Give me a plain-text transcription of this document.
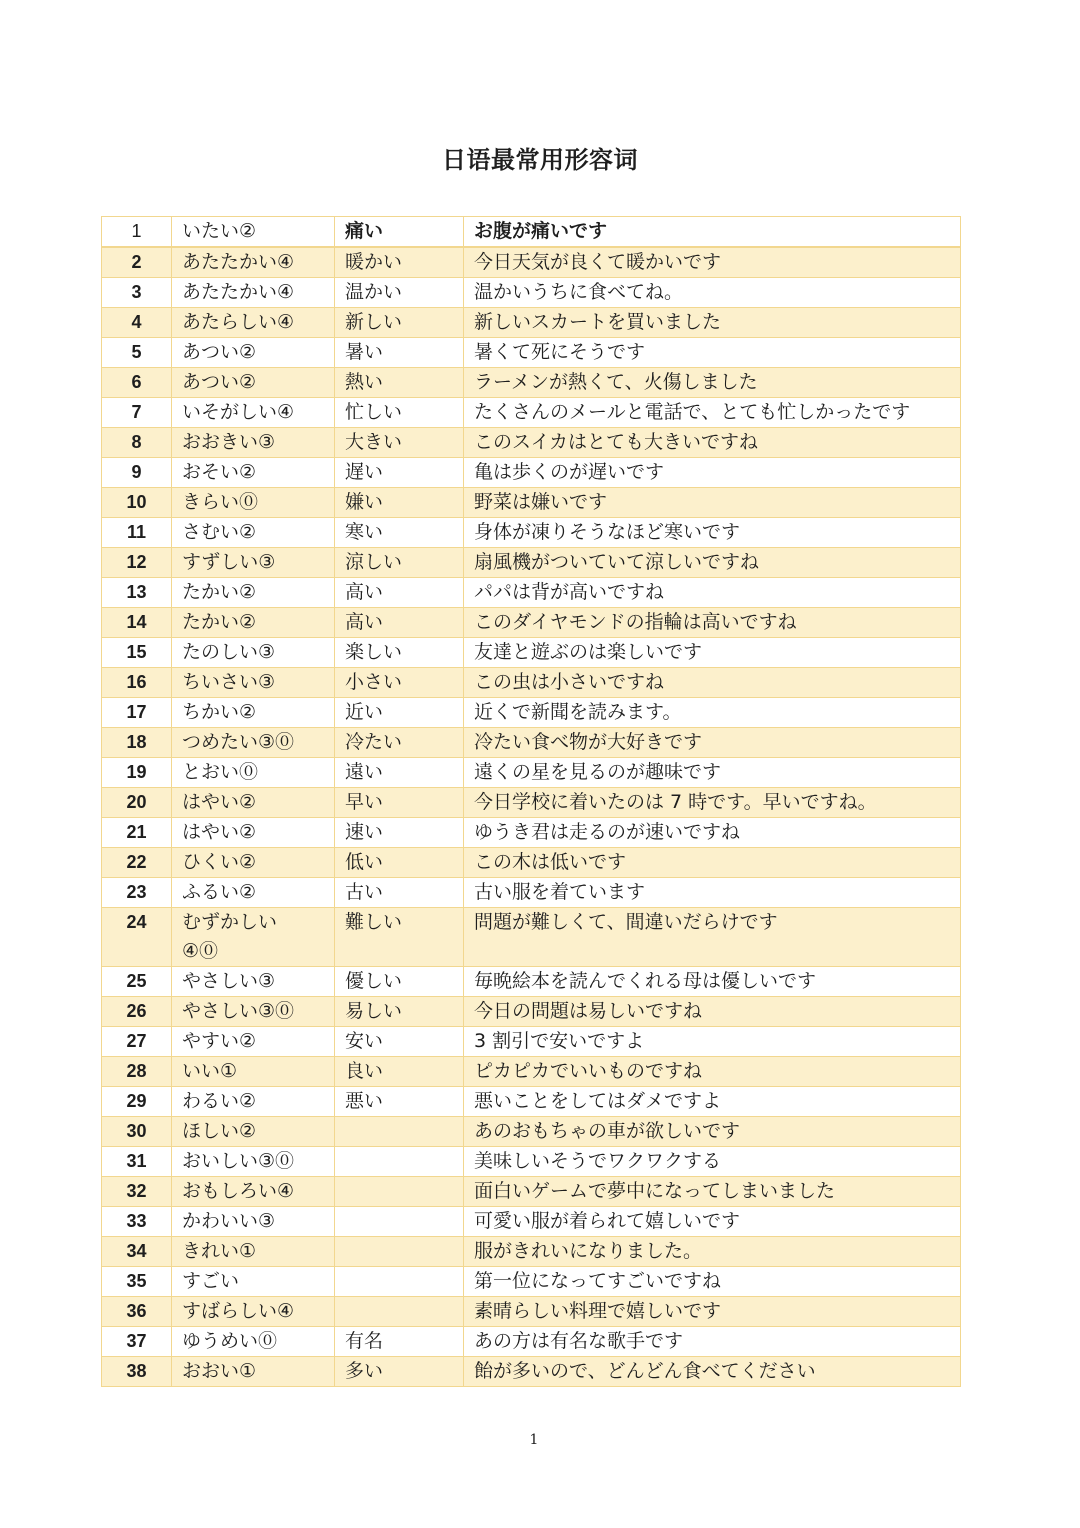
日语最常用形容词
1	いたい②	痛い	お腹が痛いです
2	あたたかい④	暖かい	今日天気が良くて暖かいです
3	あたたかい④	温かい	温かいうちに食べてね。
4	あたらしい④	新しい	新しいスカートを買いました
5	あつい②	暑い	暑くて死にそうです
6	あつい②	熱い	ラーメンが熱くて、火傷しました
7	いそがしい④	忙しい	たくさんのメールと電話で、とても忙しかったです
8	おおきい③	大きい	このスイカはとても大きいですね
9	おそい②	遅い	亀は歩くのが遅いです
10	きらい⓪	嫌い	野菜は嫌いです
11	さむい②	寒い	身体が凍りそうなほど寒いです
12	すずしい③	涼しい	扇風機がついていて涼しいですね
13	たかい②	高い	パパは背が高いですね
14	たかい②	高い	このダイヤモンドの指輪は高いですね
15	たのしい③	楽しい	友達と遊ぶのは楽しいです
16	ちいさい③	小さい	この虫は小さいですね
17	ちかい②	近い	近くで新聞を読みます。
18	つめたい③⓪	冷たい	冷たい食べ物が大好きです
19	とおい⓪	遠い	遠くの星を見るのが趣味です
20	はやい②	早い	今日学校に着いたのは 7 時です。早いですね。
21	はやい②	速い	ゆうき君は走るのが速いですね
22	ひくい②	低い	この木は低いです
23	ふるい②	古い	古い服を着ています
24	むずかしい④⓪	難しい	問題が難しくて、間違いだらけです
25	やさしい③	優しい	毎晩絵本を読んでくれる母は優しいです
26	やさしい③⓪	易しい	今日の問題は易しいですね
27	やすい②	安い	3 割引で安いですよ
28	いい①	良い	ピカピカでいいものですね
29	わるい②	悪い	悪いことをしてはダメですよ
30	ほしい②		あのおもちゃの車が欲しいです
31	おいしい③⓪		美味しいそうでワクワクする
32	おもしろい④		面白いゲームで夢中になってしまいました
33	かわいい③		可愛い服が着られて嬉しいです
34	きれい①		服がきれいになりました。
35	すごい		第一位になってすごいですね
36	すばらしい④		素晴らしい料理で嬉しいです
37	ゆうめい⓪	有名	あの方は有名な歌手です
38	おおい①	多い	飴が多いので、どんどん食べてください
1
